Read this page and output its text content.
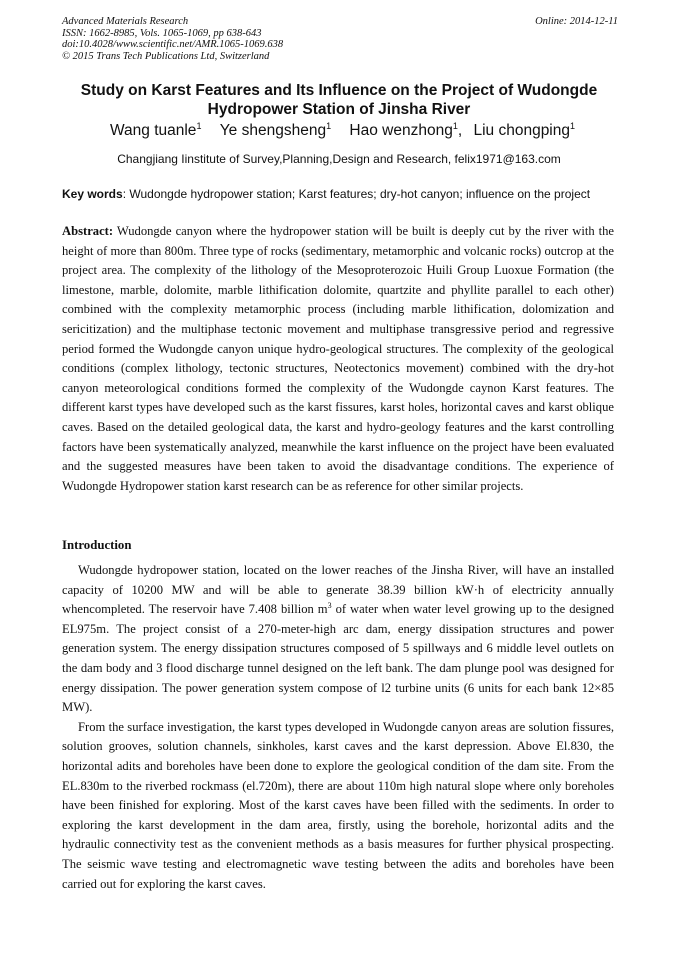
Advanced Materials Research
ISSN: 1662-8985, Vols. 1065-1069, pp 638-643
doi:10.4028/www.scientific.net/AMR.1065-1069.638
© 2015 Trans Tech Publications Ltd, Switzerland
Online: 2014-12-11
Study on Karst Features and Its Influence on the Project of Wudongde Hydropower Station of Jinsha River
Wang tuanle$^1$ Ye shengsheng$^1$ Hao wenzhong$^1$, Liu chongping$^1$
Changjiang Iinstitute of Survey,Planning,Design and Research, felix1971@163.com
Key words: Wudongde hydropower station; Karst features; dry-hot canyon; influence on the project
Abstract: Wudongde canyon where the hydropower station will be built is deeply cut by the river with the height of more than 800m. Three type of rocks (sedimentary, metamorphic and volcanic rocks) outcrop at the project area. The complexity of the lithology of the Mesoproterozoic Huili Group Luoxue Formation (the limestone, marble, dolomite, marble lithification dolomite, quartzite and phyllite parallel to each other) combined with the complexity metamorphic process (including marble lithification, dolomization and sericitization) and the multiphase tectonic movement and multiphase transgressive period and regressive period formed the Wudongde canyon unique hydro-geological structures. The complexity of the geological conditions (complex lithology, tectonic structures, Neotectonics movement) combined with the dry-hot canyon meteorological conditions formed the complexity of the Wudongde caynon Karst features. The different karst types have developed such as the karst fissures, karst holes, horizontal caves and karst oblique caves. Based on the detailed geological data, the karst and hydro-geology features and the karst controlling factors have been systematically analyzed, meanwhile the karst influence on the project have been evaluated and the suggested measures have been taken to avoid the disadvantage conditions. The experience of Wudongde Hydropower station karst research can be as reference for other similar projects.
Introduction

Wudongde hydropower station, located on the lower reaches of the Jinsha River, will have an installed capacity of 10200 MW and will be able to generate 38.39 billion kW·h of electricity annually whencompleted. The reservoir have 7.408 billion $m^3$ of water when water level growing up to the designed EL975m. The project consist of a 270-meter-high arc dam, energy dissipation structures and power generation system. The energy dissipation structures composed of 5 spillways and 6 middle level outlets on the dam body and 3 flood discharge tunnel designed on the left bank. The dam plunge pool was designed for energy dissipation. The power generation system compose of l2 turbine units (6 units for each bank 12×85 MW).

From the surface investigation, the karst types developed in Wudongde canyon areas are solution fissures, solution grooves, solution channels, sinkholes, karst caves and the karst depression. Above El.830, the horizontal adits and boreholes have been done to explore the geological condition of the dam site. From the EL.830m to the riverbed rockmass (el.720m), there are about 110m high natural slope where only boreholes have been finished for exploring. Most of the karst caves have been filled with the sediments. In order to exploring the karst development in the dam area, firstly, using the borehole, horizontal adits and the hydraulic connectivity test as the convenient methods as a basis measures for further physical prospecting. The seismic wave testing and electromagnetic wave testing between the adits and boreholes have been carried out for exploring the karst caves.
